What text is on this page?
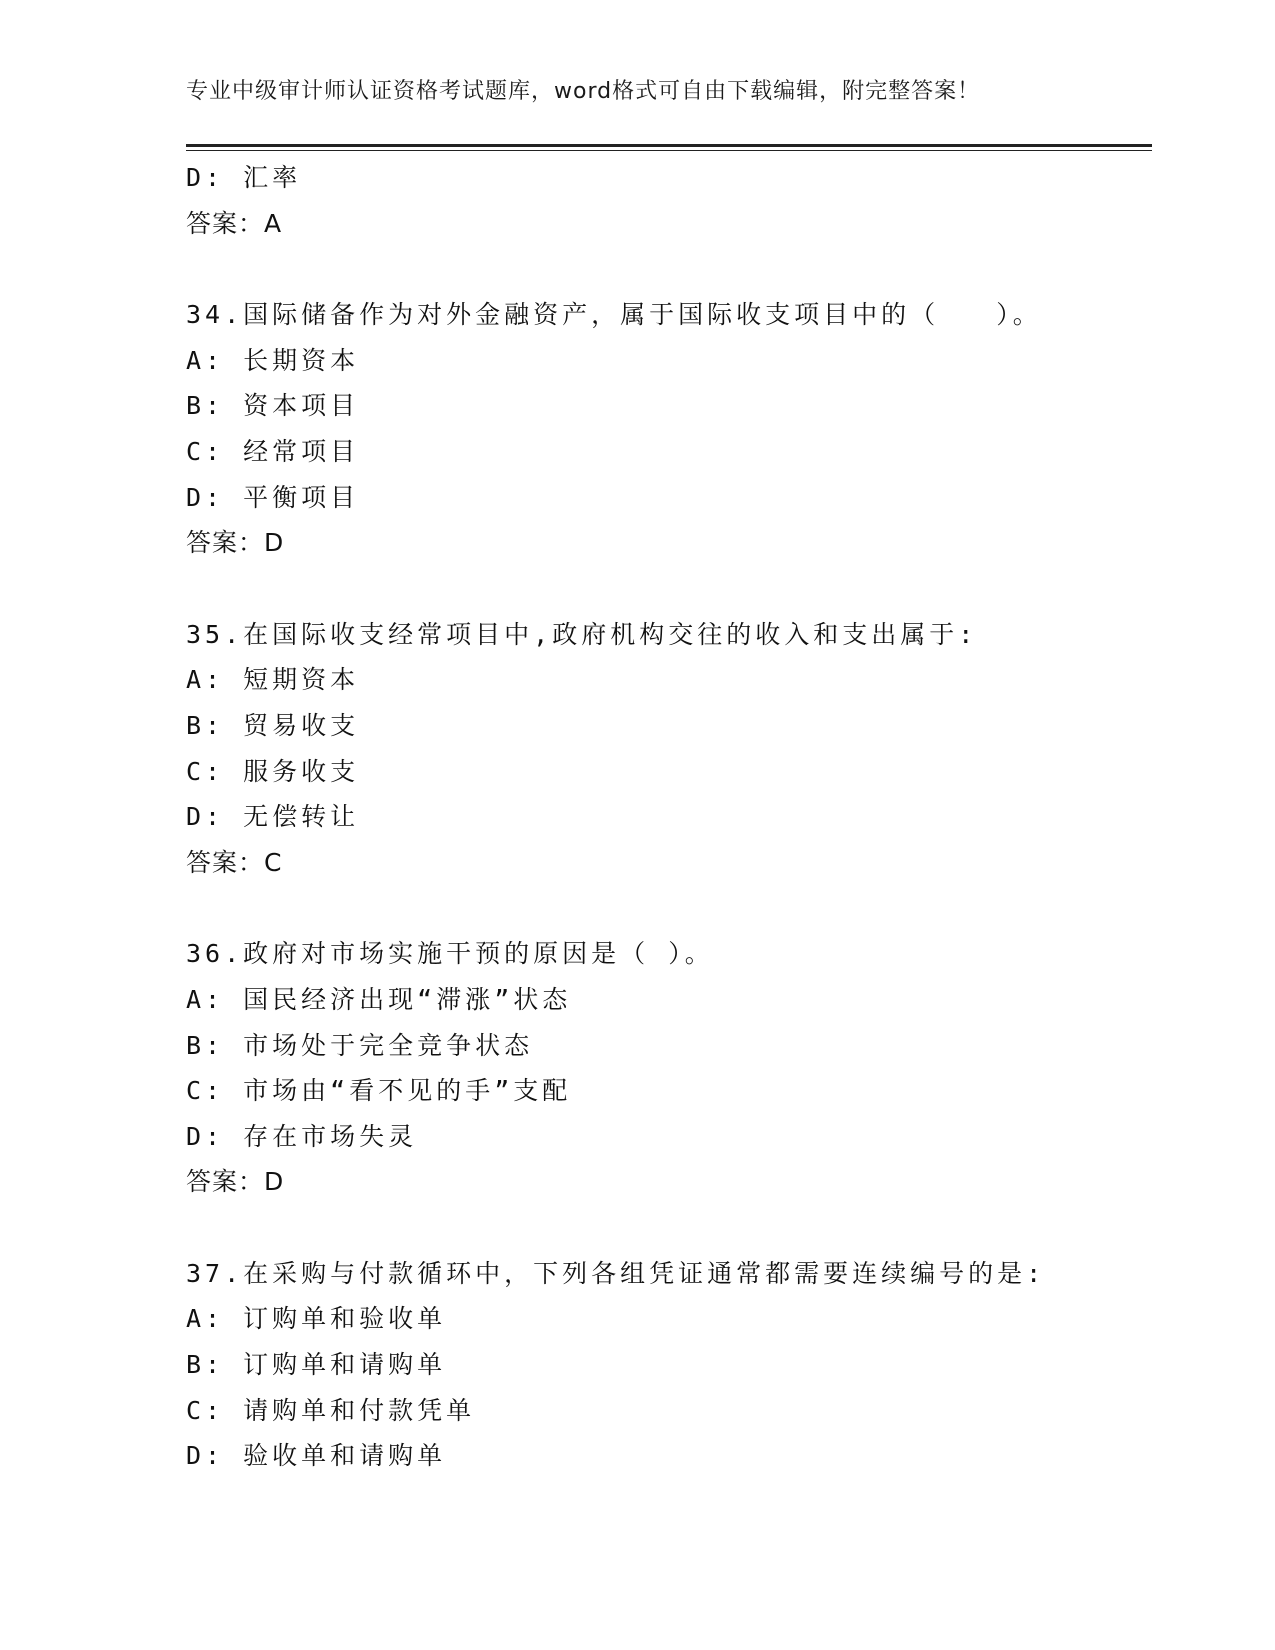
专业中级审计师认证资格考试题库，word格式可自由下载编辑，附完整答案！
D: 汇率
答案：A
34.国际储备作为对外金融资产，属于国际收支项目中的（   ）。
A: 长期资本
B: 资本项目
C: 经常项目
D: 平衡项目
答案：D
35.在国际收支经常项目中,政府机构交往的收入和支出属于:
A: 短期资本
B: 贸易收支
C: 服务收支
D: 无偿转让
答案：C
36.政府对市场实施干预的原因是（ ）。
A: 国民经济出现“滞涨”状态
B: 市场处于完全竞争状态
C: 市场由“看不见的手”支配
D: 存在市场失灵
答案：D
37.在采购与付款循环中，下列各组凭证通常都需要连续编号的是:
A: 订购单和验收单
B: 订购单和请购单
C: 请购单和付款凭单
D: 验收单和请购单
